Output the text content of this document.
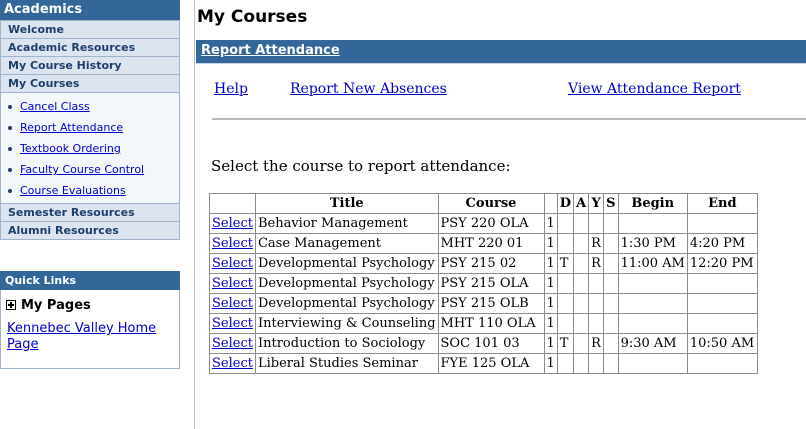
Academics
Welcome
Academic Resources
My Course History
My Courses
Cancel Class
Report Attendance
Textbook Ordering
Faculty Course Control
Course Evaluations
Semester Resources
Alumni Resources
Quick Links
My Pages
Kennebec Valley Home Page
My Courses
Report Attendance
Help	Report New Absences	View Attendance Report
Select the course to report attendance:
	Title	Course		D	A	Y	S	Begin	End
Select	Behavior Management	PSY 220 OLA	1						
Select	Case Management	MHT 220 01	1			R		1:30 PM	4:20 PM
Select	Developmental Psychology	PSY 215 02	1	T		R		11:00 AM	12:20 PM
Select	Developmental Psychology	PSY 215 OLA	1						
Select	Developmental Psychology	PSY 215 OLB	1						
Select	Interviewing & Counseling	MHT 110 OLA	1						
Select	Introduction to Sociology	SOC 101 03	1	T		R		9:30 AM	10:50 AM
Select	Liberal Studies Seminar	FYE 125 OLA	1						
